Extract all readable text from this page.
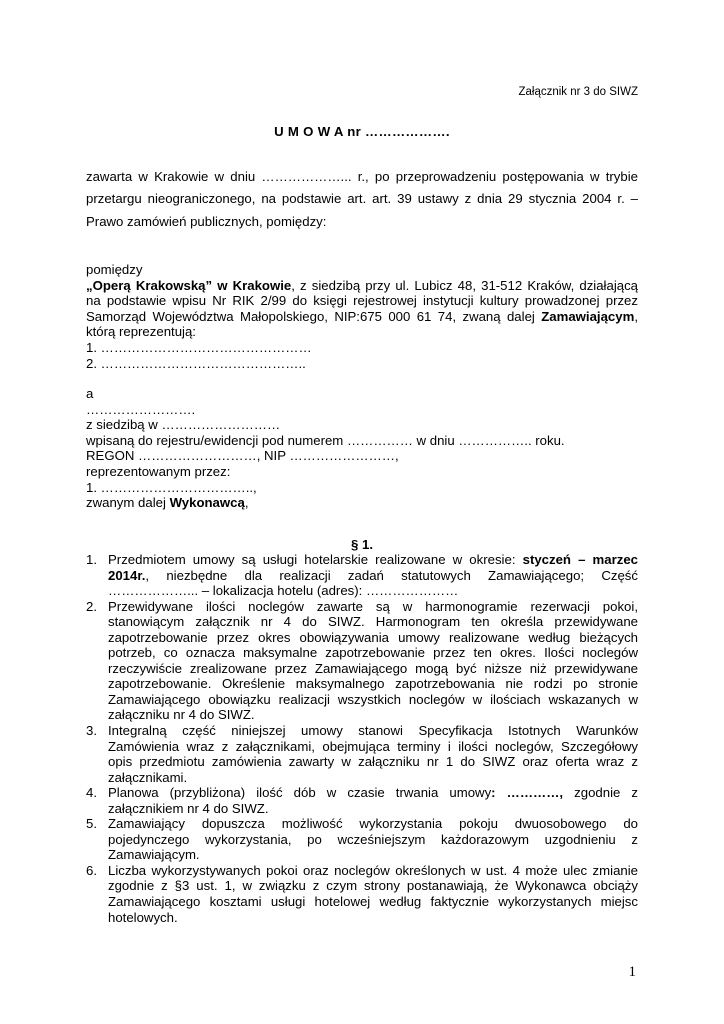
Załącznik nr 3 do SIWZ
U M O W A nr ……………….
zawarta w Krakowie w dniu ………………... r., po przeprowadzeniu postępowania w trybie
przetargu nieograniczonego, na podstawie art. art. 39 ustawy z dnia 29 stycznia 2004 r. –
Prawo zamówień publicznych, pomiędzy:
pomiędzy
„Operą Krakowską” w Krakowie, z siedzibą przy ul. Lubicz 48, 31-512 Kraków, działającą
na podstawie wpisu Nr RIK 2/99 do księgi rejestrowej instytucji kultury prowadzonej przez
Samorząd Województwa Małopolskiego, NIP:675 000 61 74, zwaną dalej Zamawiającym,
którą reprezentują:
1. …………………………………………
2. ………………………………………..
a
…………………….
z siedzibą w ………………………
wpisaną do rejestru/ewidencji pod numerem …………… w dniu …………….. roku.
REGON ………………………, NIP ……………………,
reprezentowanym przez:
1. ……………………………..,
zwanym dalej Wykonawcą,
§ 1.
1. Przedmiotem umowy są usługi hotelarskie realizowane w okresie: styczeń – marzec
2014r., niezbędne dla realizacji zadań statutowych Zamawiającego; Część
………………... – lokalizacja hotelu (adres): …………………
2. Przewidywane ilości noclegów zawarte są w harmonogramie rezerwacji pokoi,
stanowiącym załącznik nr 4 do SIWZ. Harmonogram ten określa przewidywane
zapotrzebowanie przez okres obowiązywania umowy realizowane według bieżących
potrzeb, co oznacza maksymalne zapotrzebowanie przez ten okres. Ilości noclegów
rzeczywiście zrealizowane przez Zamawiającego mogą być niższe niż przewidywane
zapotrzebowanie. Określenie maksymalnego zapotrzebowania nie rodzi po stronie
Zamawiającego obowiązku realizacji wszystkich noclegów w ilościach wskazanych w
załączniku nr 4 do SIWZ.
3. Integralną część niniejszej umowy stanowi Specyfikacja Istotnych Warunków
Zamówienia wraz z załącznikami, obejmująca terminy i ilości noclegów, Szczegółowy
opis przedmiotu zamówienia zawarty w załączniku nr 1 do SIWZ oraz oferta wraz z
załącznikami.
4. Planowa (przybliżona) ilość dób w czasie trwania umowy: …………, zgodnie z
załącznikiem nr 4 do SIWZ.
5. Zamawiający dopuszcza możliwość wykorzystania pokoju dwuosobowego do
pojedynczego wykorzystania, po wcześniejszym każdorazowym uzgodnieniu z
Zamawiającym.
6. Liczba wykorzystywanych pokoi oraz noclegów określonych w ust. 4 może ulec zmianie
zgodnie z §3 ust. 1, w związku z czym strony postanawiają, że Wykonawca obciąży
Zamawiającego kosztami usługi hotelowej według faktycznie wykorzystanych miejsc
hotelowych.
1
